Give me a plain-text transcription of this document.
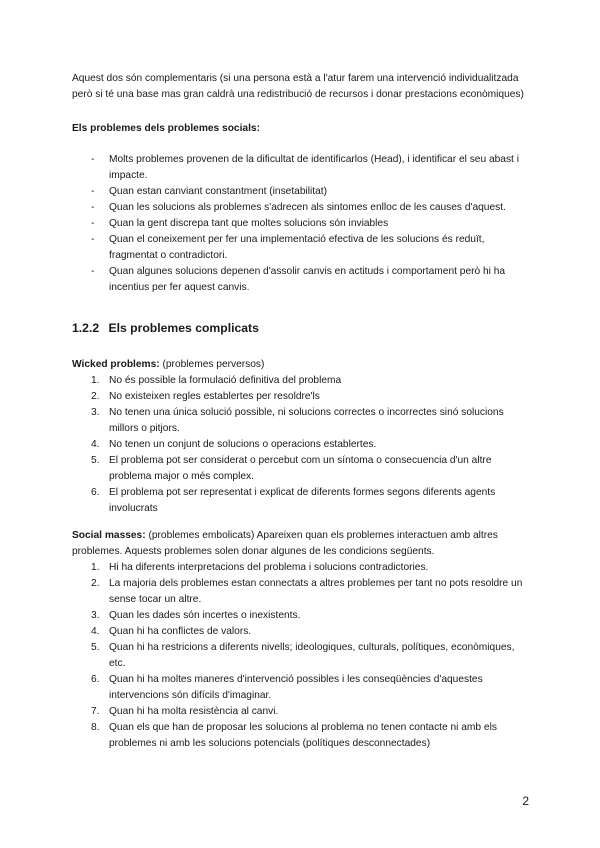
Aquest dos són complementaris (si una persona està a l'atur farem una intervenció individualitzada però si té una base mas gran caldrà una redistribució de recursos i donar prestacions econòmiques)

Els problemes dels problemes socials:

- Molts problemes provenen de la dificultat de identificarlos (Head), i identificar el seu abast i impacte.
- Quan estan canviant constantment (insetabilitat)
- Quan les solucions als problemes s'adrecen als sintomes enlloc de les causes d'aquest.
- Quan la gent discrepa tant que moltes solucions són inviables
- Quan el coneixement per fer una implementació efectiva de les solucions és reduït, fragmentat o contradictori.
- Quan algunes solucions depenen d'assolir canvis en actituds i comportament però hi ha incentius per fer aquest canvis.
1.2.2 Els problemes complicats

Wicked problems: (problemes perversos)

1. No és possible la formulació definitiva del problema
2. No existeixen regles establertes per resoldre'ls
3. No tenen una única solució possible, ni solucions correctes o incorrectes sinó solucions millors o pitjors.
4. No tenen un conjunt de solucions o operacions establertes.
5. El problema pot ser considerat o percebut com un síntoma o consecuencia d'un altre problema major o més complex.
6. El problema pot ser representat i explicat de diferents formes segons diferents agents involucrats

Social masses: (problemes embolicats) Apareixen quan els problemes interactuen amb altres problemes. Aquests problemes solen donar algunes de les condicions següents.

1. Hi ha diferents interpretacions del problema i solucions contradictories.
2. La majoria dels problemes estan connectats a altres problemes per tant no pots resoldre un sense tocar un altre.
3. Quan les dades són incertes o inexistents.
4. Quan hi ha conflictes de valors.
5. Quan hi ha restricions a diferents nivells; ideologiques, culturals, polítiques, econòmiques, etc.
6. Quan hi ha moltes maneres d'intervenció possibles i les conseqüències d'aquestes intervencions són difícils d'imaginar.
7. Quan hi ha molta resistència al canvi.
8. Quan els que han de proposar les solucions al problema no tenen contacte ni amb els problemes ni amb les solucions potencials (polítiques desconnectades)
2
